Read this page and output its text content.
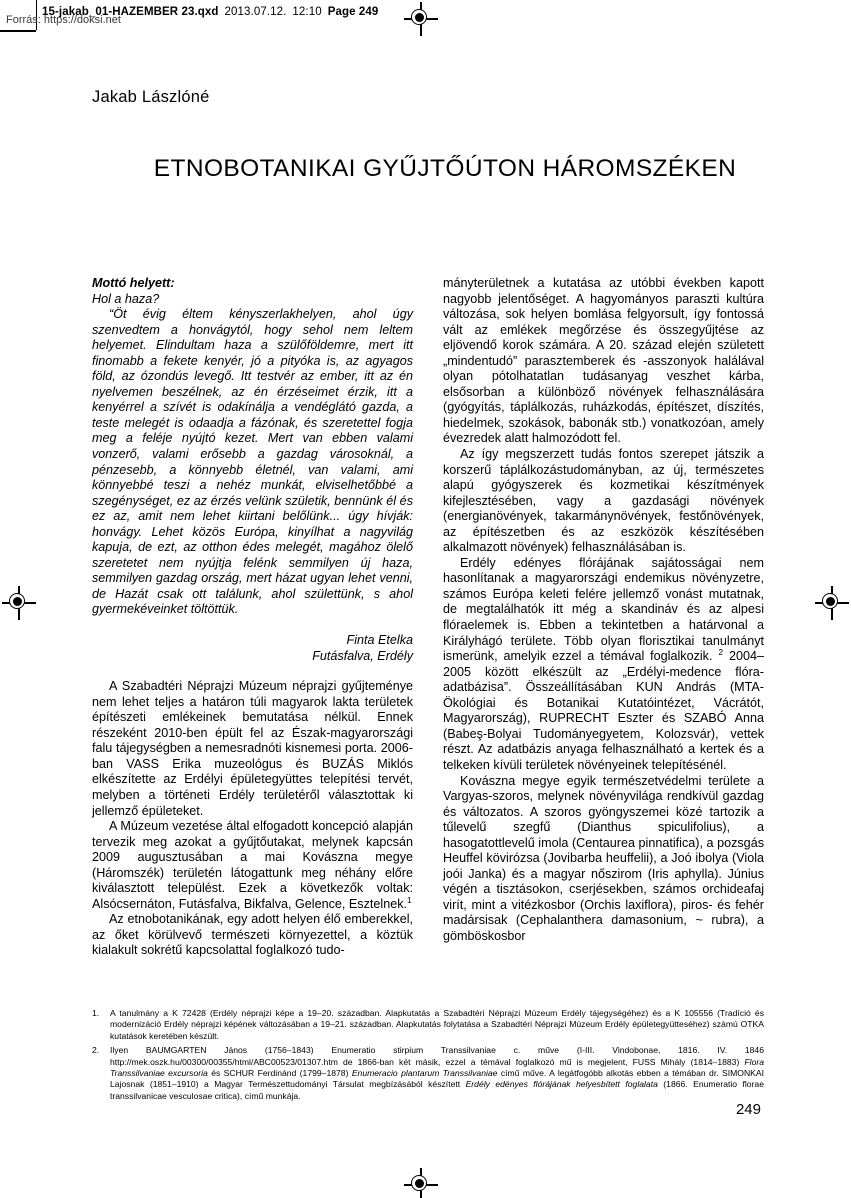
15-jakab_01-HAZEMBER 23.qxd 2013.07.12. 12:10 Page 249
Forrás: https://doksi.net
Jakab Lászlóné
ETNOBOTANIKAI GYŰJTŐÚTON HÁROMSZÉKEN
Mottó helyett:
Hol a haza?

“Öt évig éltem kényszerlakhelyen, ahol úgy szenvedtem a honvágytól, hogy sehol nem leltem helyemet. Elindultam haza a szülőföldemre, mert itt finomabb a fekete kenyér, jó a pityóka is, az agyagos föld, az ózondús levegő. Itt testvér az ember, itt az én nyelvemen beszélnek, az én érzéseimet érzik, itt a kenyérrel a szívét is odakínálja a vendéglátó gazda, a teste melegét is odaadja a fázónak, és szeretettel fogja meg a feléje nyújtó kezet. Mert van ebben valami vonzerő, valami erősebb a gazdag városoknál, a pénzesebb, a könnyebb életnél, van valami, ami könnyebbé teszi a nehéz munkát, elviselhetőbbé a szegénységet, ez az érzés velünk születik, bennünk él és ez az, amit nem lehet kiirtani belőlünk... úgy hívják: honvágy. Lehet közös Európa, kinyílhat a nagyvilág kapuja, de ezt, az otthon édes melegét, magához ölelő szeretetet nem nyújtja felénk semmilyen új haza, semmilyen gazdag ország, mert házat ugyan lehet venni, de Hazát csak ott találunk, ahol születtünk, s ahol gyermekéveinket töltöttük.

Finta Etelka
Futásfalva, Erdély

A Szabadtéri Néprajzi Múzeum néprajzi gyűjteménye nem lehet teljes a határon túli magyarok lakta területek építészeti emlékeinek bemutatása nélkül. Ennek részeként 2010-ben épült fel az Észak-magyarországi falu tájegységben a nemesradnóti kisnemesi porta. 2006-ban VASS Erika muzeológus és BUZÁS Miklós elkészítette az Erdélyi épületegyüttes telepítési tervét, melyben a történeti Erdély területéről választottak ki jellemző épületeket.

A Múzeum vezetése által elfogadott koncepció alapján tervezik meg azokat a gyűjtőutakat, melynek kapcsán 2009 augusztusában a mai Kovászna megye (Háromszék) területén látogattunk meg néhány előre kiválasztott települést. Ezek a következők voltak: Alsócsernáton, Futásfalva, Bikfalva, Gelence, Esztelnek.$^1$

Az etnobotanikának, egy adott helyen élő emberekkel, az őket körülvevő természeti környezettel, a köztük kialakult sokrétű kapcsolattal foglalkozó tudo-

mányterületnek a kutatása az utóbbi években kapott nagyobb jelentőséget. A hagyományos paraszti kultúra változása, sok helyen bomlása felgyorsult, így fontossá vált az emlékek megőrzése és összegyűjtése az eljövendő korok számára. A 20. század elején született „mindentudó” parasztemberek és -asszonyok halálával olyan pótolhatatlan tudásanyag veszhet kárba, elsősorban a különböző növények felhasználására (gyógyítás, táplálkozás, ruházkodás, építészet, díszítés, hiedelmek, szokások, babonák stb.) vonatkozóan, amely évezredek alatt halmozódott fel.

Az így megszerzett tudás fontos szerepet játszik a korszerű táplálkozástudományban, az új, természetes alapú gyógyszerek és kozmetikai készítmények kifejlesztésében, vagy a gazdasági növények (energianövények, takarmánynövények, festőnövények, az építészetben és az eszközök készítésében alkalmazott növények) felhasználásában is.

Erdély edényes flórájának sajátosságai nem hasonlítanak a magyarországi endemikus növényzetre, számos Európa keleti felére jellemző vonást mutatnak, de megtalálhatók itt még a skandináv és az alpesi flóraelemek is. Ebben a tekintetben a határvonal a Királyhágó területe. Több olyan florisztikai tanulmányt ismerünk, amelyik ezzel a témával foglalkozik. $^2$ 2004–2005 között elkészült az „Erdélyi-medence flóra-adatbázisa”. Összeállításában KUN András (MTA-Ökológiai és Botanikai Kutatóintézet, Vácrátót, Magyarország), RUPRECHT Eszter és SZABÓ Anna (Babeş-Bolyai Tudományegyetem, Kolozsvár), vettek részt. Az adatbázis anyaga felhasználható a kertek és a telkeken kívüli területek növényeinek telepítésénél.

Kovászna megye egyik természetvédelmi területe a Vargyas-szoros, melynek növényvilága rendkívül gazdag és változatos. A szoros gyöngyszemei közé tartozik a tűlevelű szegfű (Dianthus spiculifolius), a hasogatottlevelű imola (Centaurea pinnatifica), a pozsgás Heuffel kövirózsa (Jovibarba heuffelii), a Joó ibolya (Viola joói Janka) és a magyar nőszirom (Iris aphylla). Június végén a tisztásokon, cserjésekben, számos orchideafaj virít, mint a vitézkosbor (Orchis laxiflora), piros- és fehér madársisak (Cephalanthera damasonium, ~ rubra), a gömböskosbor

1.	A tanulmány a K 72428 (Erdély néprajzi képe a 19–20. században. Alapkutatás a Szabadtéri Néprajzi Múzeum Erdély tájegységéhez) és a K 105556 (Tradíció és modernizáció Erdély néprajzi képének változásában a 19–21. században. Alapkutatás folytatása a Szabadtéri Néprajzi Múzeum Erdély épületegyütteséhez) számú OTKA kutatások keretében készült.
2.	Ilyen BAUMGARTEN János (1756–1843) Enumeratio stirpium Transsilvaniae c. műve (I-III. Vindobonae, 1816. IV. 1846 http://mek.oszk.hu/00300/00355/html/ABC00523/01307.htm de 1866-ban két másik, ezzel a témával foglalkozó mű is megjelent, FUSS Mihály (1814–1883) Flora Transsilvaniae excursoria és SCHUR Ferdinánd (1799–1878) Enumeracio plantarum Transsilvaniae című műve. A legátfogóbb alkotás ebben a témában dr. SIMONKAI Lajosnak (1851–1910) a Magyar Természettudományi Társulat megbízásából készített Erdély edényes flórájának helyesbített foglalata (1866. Enumeratio florae transsilvanicae vesculosae critica), című munkája.
249
